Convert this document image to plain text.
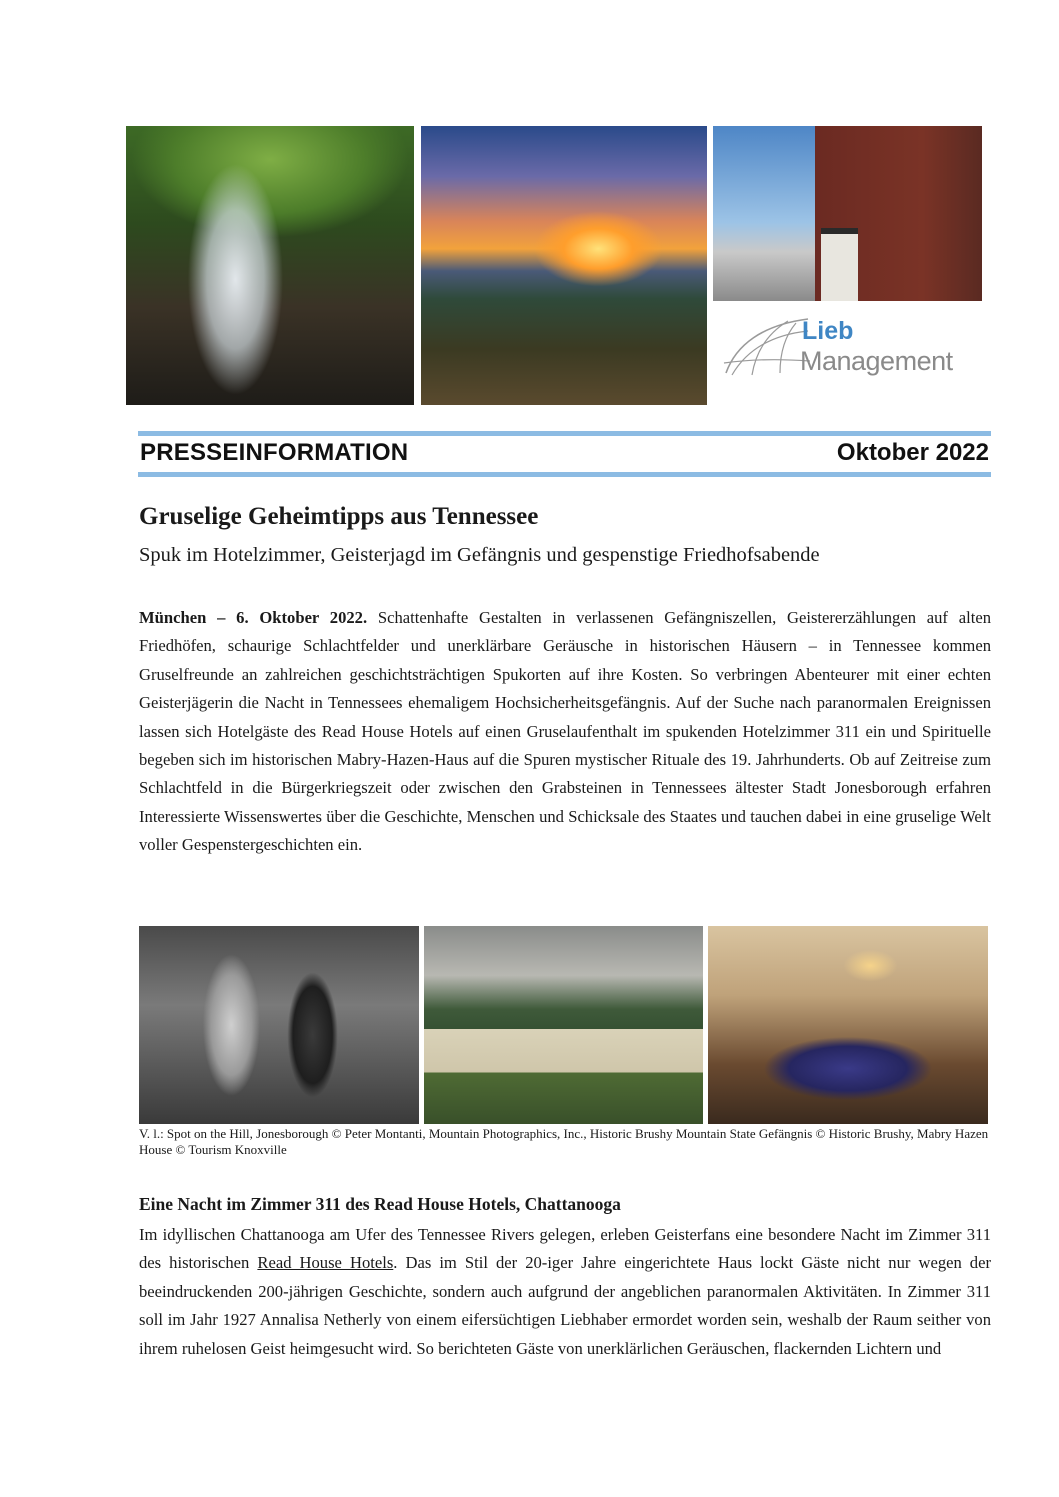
Lieb
Management
PRESSEINFORMATION	Oktober 2022
Gruselige Geheimtipps aus Tennessee
Spuk im Hotelzimmer, Geisterjagd im Gefängnis und gespenstige Friedhofsabende

München – 6. Oktober 2022. Schattenhafte Gestalten in verlassenen Gefängniszellen, Geistererzählungen auf alten Friedhöfen, schaurige Schlachtfelder und unerklärbare Geräusche in historischen Häusern – in Tennessee kommen Gruselfreunde an zahlreichen geschichtsträchtigen Spukorten auf ihre Kosten. So verbringen Abenteurer mit einer echten Geisterjägerin die Nacht in Tennessees ehemaligem Hochsicherheitsgefängnis. Auf der Suche nach paranormalen Ereignissen lassen sich Hotelgäste des Read House Hotels auf einen Gruselaufenthalt im spukenden Hotelzimmer 311 ein und Spirituelle begeben sich im historischen Mabry-Hazen-Haus auf die Spuren mystischer Rituale des 19. Jahrhunderts. Ob auf Zeitreise zum Schlachtfeld in die Bürgerkriegszeit oder zwischen den Grabsteinen in Tennessees ältester Stadt Jonesborough erfahren Interessierte Wissenswertes über die Geschichte, Menschen und Schicksale des Staates und tauchen dabei in eine gruselige Welt voller Gespenstergeschichten ein.

V. l.: Spot on the Hill, Jonesborough © Peter Montanti, Mountain Photographics, Inc., Historic Brushy Mountain State Gefängnis © Historic Brushy, Mabry Hazen House © Tourism Knoxville

Eine Nacht im Zimmer 311 des Read House Hotels, Chattanooga

Im idyllischen Chattanooga am Ufer des Tennessee Rivers gelegen, erleben Geisterfans eine besondere Nacht im Zimmer 311 des historischen Read House Hotels. Das im Stil der 20-iger Jahre eingerichtete Haus lockt Gäste nicht nur wegen der beeindruckenden 200-jährigen Geschichte, sondern auch aufgrund der angeblichen paranormalen Aktivitäten. In Zimmer 311 soll im Jahr 1927 Annalisa Netherly von einem eifersüchtigen Liebhaber ermordet worden sein, weshalb der Raum seither von ihrem ruhelosen Geist heimgesucht wird. So berichteten Gäste von unerklärlichen Geräuschen, flackernden Lichtern und
